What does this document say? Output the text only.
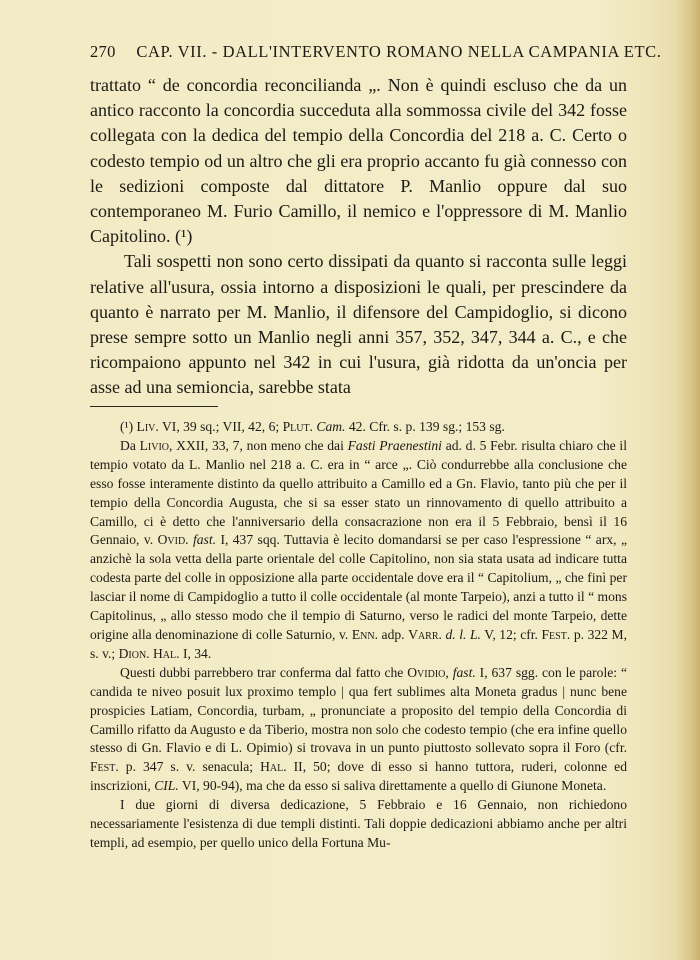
270 CAP. VII. - DALL'INTERVENTO ROMANO NELLA CAMPANIA ETC.

trattato “ de concordia reconcilianda „. Non è quindi escluso che da un antico racconto la concordia succeduta alla sommossa civile del 342 fosse collegata con la dedica del tempio della Concordia del 218 a. C. Certo o codesto tempio od un altro che gli era proprio accanto fu già connesso con le sedizioni composte dal dittatore P. Manlio oppure dal suo contemporaneo M. Furio Camillo, il nemico e l'oppressore di M. Manlio Capitolino. (¹)

Tali sospetti non sono certo dissipati da quanto si racconta sulle leggi relative all'usura, ossia intorno a disposizioni le quali, per prescindere da quanto è narrato per M. Manlio, il difensore del Campidoglio, si dicono prese sempre sotto un Manlio negli anni 357, 352, 347, 344 a. C., e che ricompaiono appunto nel 342 in cui l'usura, già ridotta da un'oncia per asse ad una semioncia, sarebbe stata

(¹) Liv. VI, 39 sq.; VII, 42, 6; Plut. Cam. 42. Cfr. s. p. 139 sg.; 153 sg.

Da Livio, XXII, 33, 7, non meno che dai Fasti Praenestini ad. d. 5 Febr. risulta chiaro che il tempio votato da L. Manlio nel 218 a. C. era in “ arce „. Ciò condurrebbe alla conclusione che esso fosse interamente distinto da quello attribuito a Camillo ed a Gn. Flavio, tanto più che per il tempio della Concordia Augusta, che si sa esser stato un rinnovamento di quello attribuito a Camillo, ci è detto che l'anniversario della consacrazione non era il 5 Febbraio, bensì il 16 Gennaio, v. Ovid. fast. I, 437 sqq. Tuttavia è lecito domandarsi se per caso l'espressione “ arx, „ anzichè la sola vetta della parte orientale del colle Capitolino, non sia stata usata ad indicare tutta codesta parte del colle in opposizione alla parte occidentale dove era il “ Capitolium, „ che finì per lasciar il nome di Campidoglio a tutto il colle occidentale (al monte Tarpeio), anzi a tutto il “ mons Capitolinus, „ allo stesso modo che il tempio di Saturno, verso le radici del monte Tarpeio, dette origine alla denominazione di colle Saturnio, v. Enn. adp. Varr. d. l. L. V, 12; cfr. Fest. p. 322 M, s. v.; Dion. Hal. I, 34.

Questi dubbi parrebbero trar conferma dal fatto che Ovidio, fast. I, 637 sgg. con le parole: “ candida te niveo posuit lux proximo templo | qua fert sublimes alta Moneta gradus | nunc bene prospicies Latiam, Concordia, turbam, „ pronunciate a proposito del tempio della Concordia di Camillo rifatto da Augusto e da Tiberio, mostra non solo che codesto tempio (che era infine quello stesso di Gn. Flavio e di L. Opimio) si trovava in un punto piuttosto sollevato sopra il Foro (cfr. Fest. p. 347 s. v. senacula; Hal. II, 50; dove di esso si hanno tuttora, ruderi, colonne ed inscrizioni, CIL. VI, 90-94), ma che da esso si saliva direttamente a quello di Giunone Moneta.

I due giorni di diversa dedicazione, 5 Febbraio e 16 Gennaio, non richiedono necessariamente l'esistenza di due templi distinti. Tali doppie dedicazioni abbiamo anche per altri templi, ad esempio, per quello unico della Fortuna Mu-
